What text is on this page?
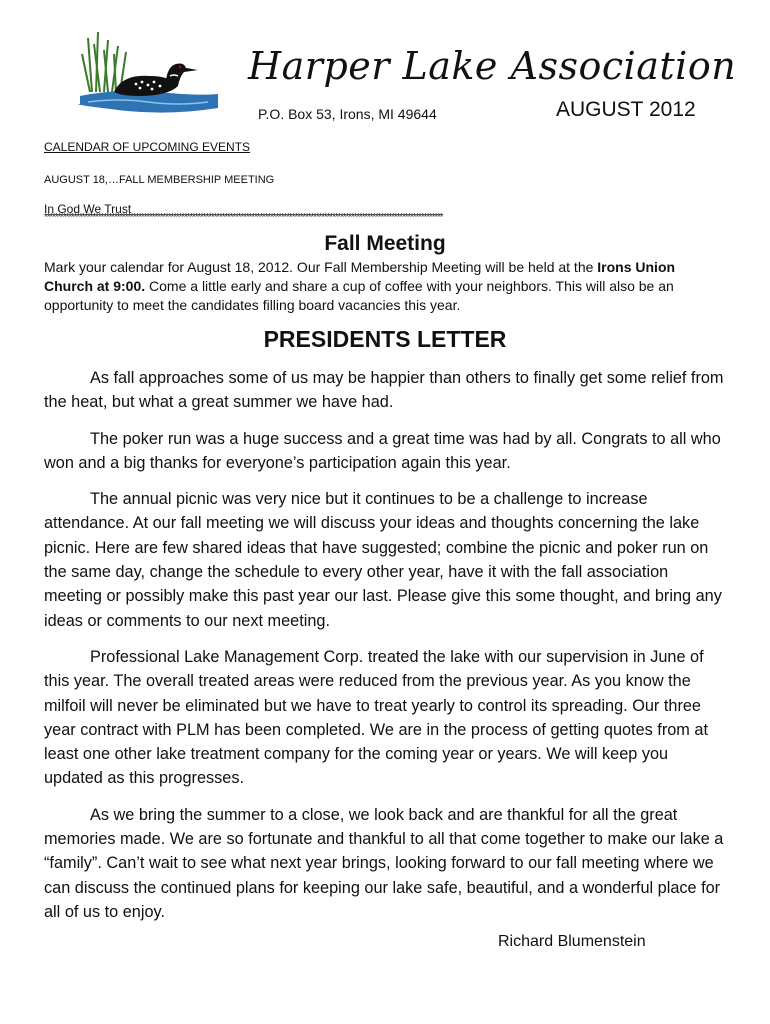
Harper Lake Association
P.O. Box 53, Irons, MI 49644	AUGUST 2012
CALENDAR OF UPCOMING EVENTS
AUGUST 18,…FALL MEMBERSHIP MEETING
In God We Trust
****************************************************************************************************************************************************
Fall Meeting
Mark your calendar for August 18, 2012. Our Fall Membership Meeting will be held at the Irons Union Church at 9:00. Come a little early and share a cup of coffee with your neighbors. This will also be an opportunity to meet the candidates filling board vacancies this year.
PRESIDENTS LETTER

As fall approaches some of us may be happier than others to finally get some relief from the heat, but what a great summer we have had.

The poker run was a huge success and a great time was had by all. Congrats to all who won and a big thanks for everyone’s participation again this year.

The annual picnic was very nice but it continues to be a challenge to increase attendance. At our fall meeting we will discuss your ideas and thoughts concerning the lake picnic. Here are few shared ideas that have suggested; combine the picnic and poker run on the same day, change the schedule to every other year, have it with the fall association meeting or possibly make this past year our last. Please give this some thought, and bring any ideas or comments to our next meeting.

Professional Lake Management Corp. treated the lake with our supervision in June of this year. The overall treated areas were reduced from the previous year. As you know the milfoil will never be eliminated but we have to treat yearly to control its spreading. Our three year contract with PLM has been completed. We are in the process of getting quotes from at least one other lake treatment company for the coming year or years. We will keep you updated as this progresses.

As we bring the summer to a close, we look back and are thankful for all the great memories made. We are so fortunate and thankful to all that come together to make our lake a “family”. Can’t wait to see what next year brings, looking forward to our fall meeting where we can discuss the continued plans for keeping our lake safe, beautiful, and a wonderful place for all of us to enjoy.

Richard Blumenstein
